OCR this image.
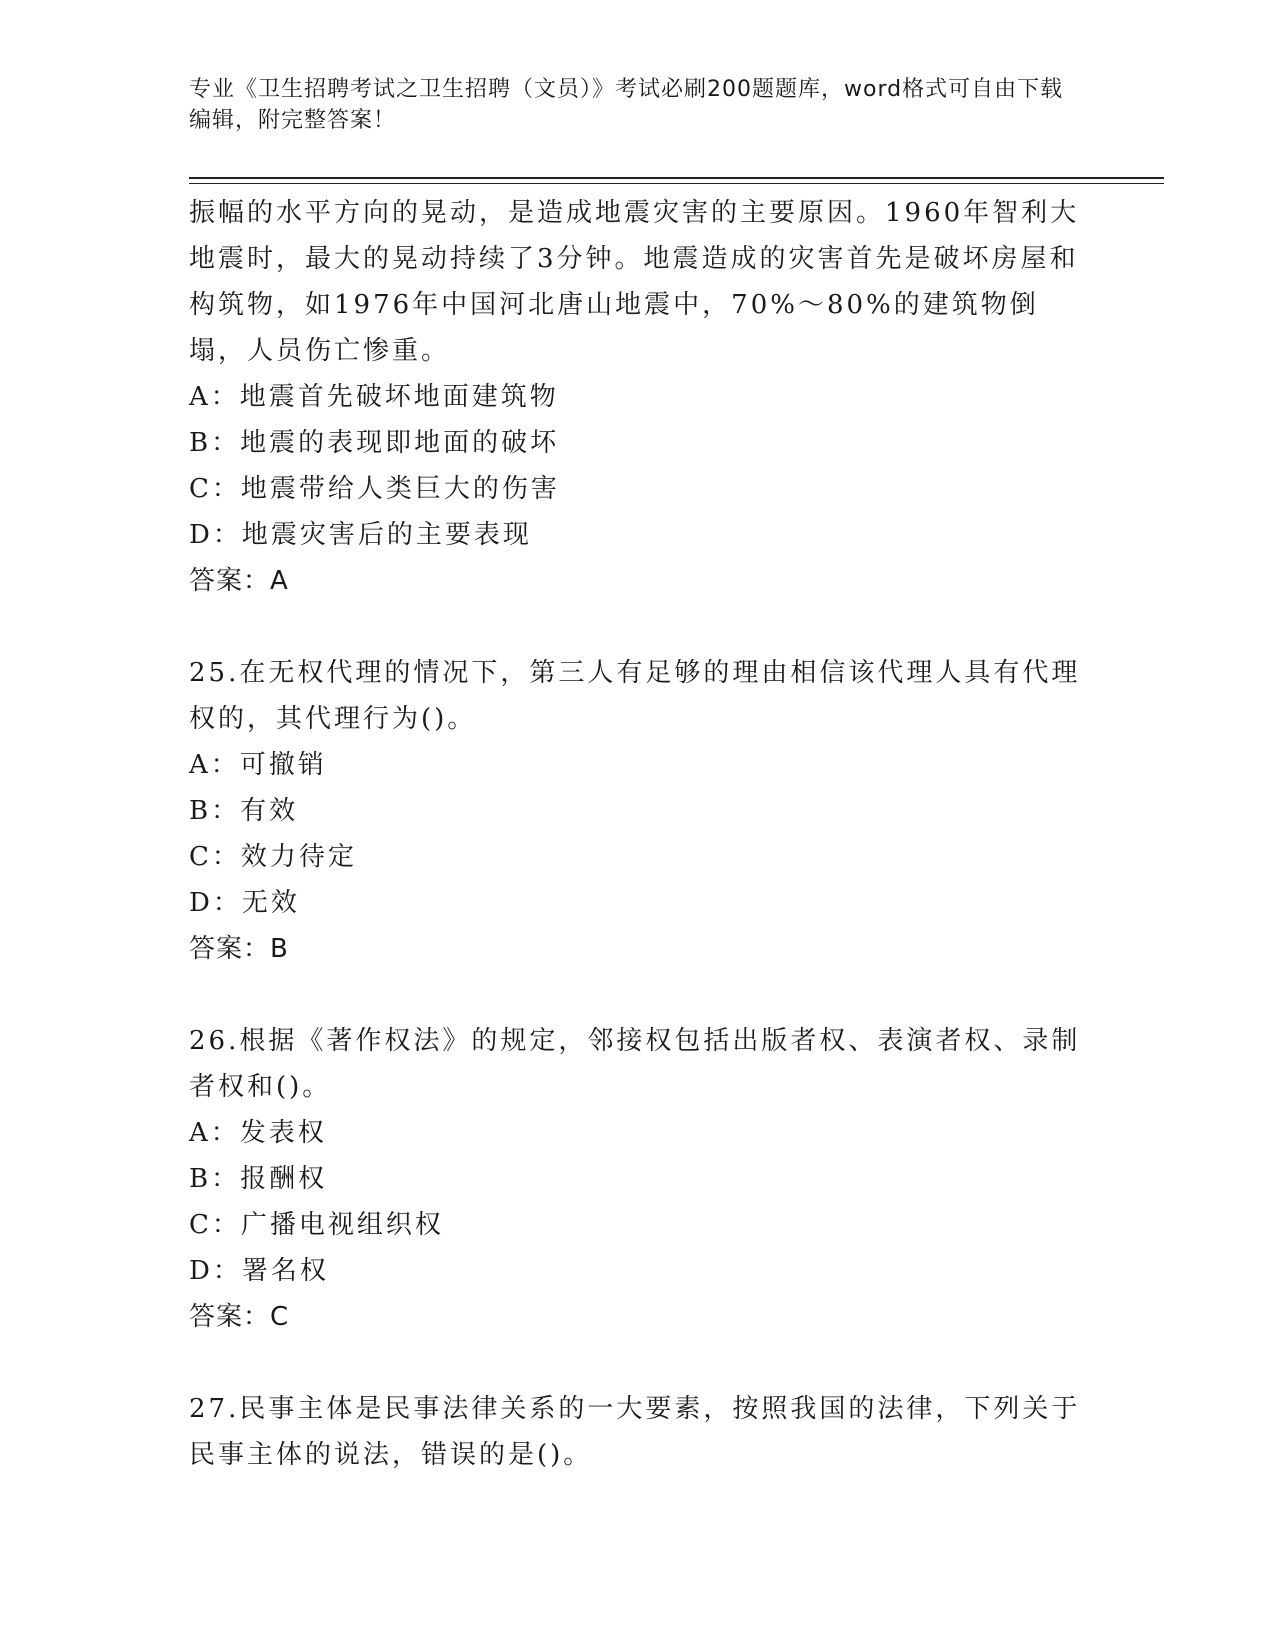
专业《卫生招聘考试之卫生招聘（文员）》考试必刷200题题库，word格式可自由下载编辑，附完整答案！

振幅的水平方向的晃动，是造成地震灾害的主要原因。1960年智利大地震时，最大的晃动持续了3分钟。地震造成的灾害首先是破坏房屋和构筑物，如1976年中国河北唐山地震中，70%～80%的建筑物倒塌，人员伤亡惨重。

A：地震首先破坏地面建筑物
B：地震的表现即地面的破坏
C：地震带给人类巨大的伤害
D：地震灾害后的主要表现
答案：A

25.在无权代理的情况下，第三人有足够的理由相信该代理人具有代理权的，其代理行为()。

A：可撤销
B：有效
C：效力待定
D：无效
答案：B

26.根据《著作权法》的规定，邻接权包括出版者权、表演者权、录制者权和()。

A：发表权
B：报酬权
C：广播电视组织权
D：署名权
答案：C

27.民事主体是民事法律关系的一大要素，按照我国的法律，下列关于民事主体的说法，错误的是()。
